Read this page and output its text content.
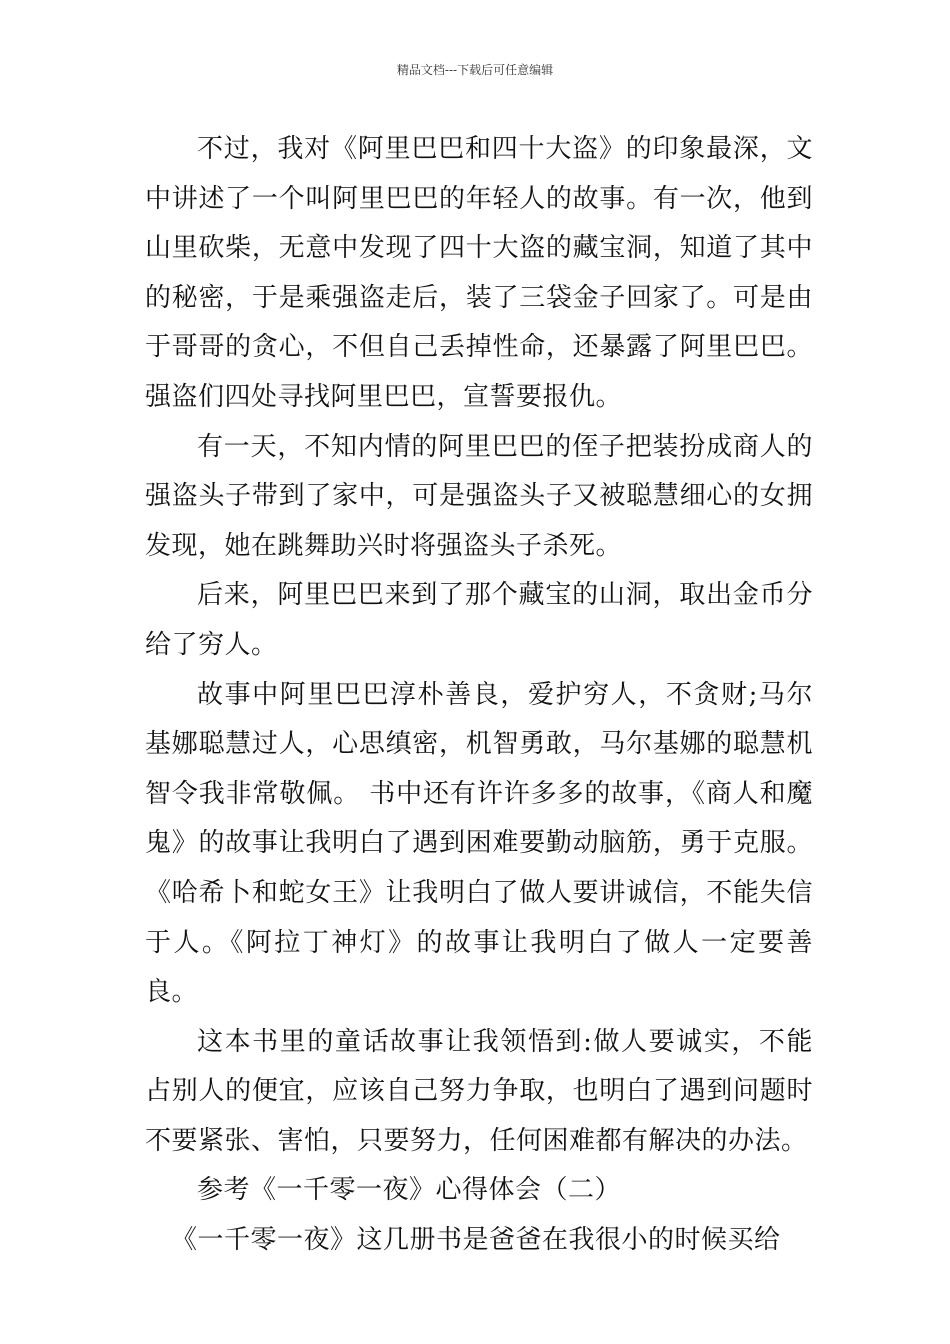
精品文档---下载后可任意编辑

不过，我对《阿里巴巴和四十大盗》的印象最深，文中讲述了一个叫阿里巴巴的年轻人的故事。有一次，他到山里砍柴，无意中发现了四十大盗的藏宝洞，知道了其中的秘密，于是乘强盗走后，装了三袋金子回家了。可是由于哥哥的贪心，不但自己丢掉性命，还暴露了阿里巴巴。强盗们四处寻找阿里巴巴，宣誓要报仇。

有一天，不知内情的阿里巴巴的侄子把装扮成商人的强盗头子带到了家中，可是强盗头子又被聪慧细心的女拥发现，她在跳舞助兴时将强盗头子杀死。

后来，阿里巴巴来到了那个藏宝的山洞，取出金币分给了穷人。

故事中阿里巴巴淳朴善良，爱护穷人，不贪财;马尔基娜聪慧过人，心思缜密，机智勇敢，马尔基娜的聪慧机智令我非常敬佩。 书中还有许许多多的故事，《商人和魔鬼》的故事让我明白了遇到困难要勤动脑筋，勇于克服。《哈希卜和蛇女王》让我明白了做人要讲诚信，不能失信于人。《阿拉丁神灯》的故事让我明白了做人一定要善良。

这本书里的童话故事让我领悟到:做人要诚实，不能占别人的便宜，应该自己努力争取，也明白了遇到问题时不要紧张、害怕，只要努力，任何困难都有解决的办法。

参考《一千零一夜》心得体会（二）

《一千零一夜》这几册书是爸爸在我很小的时候买给
